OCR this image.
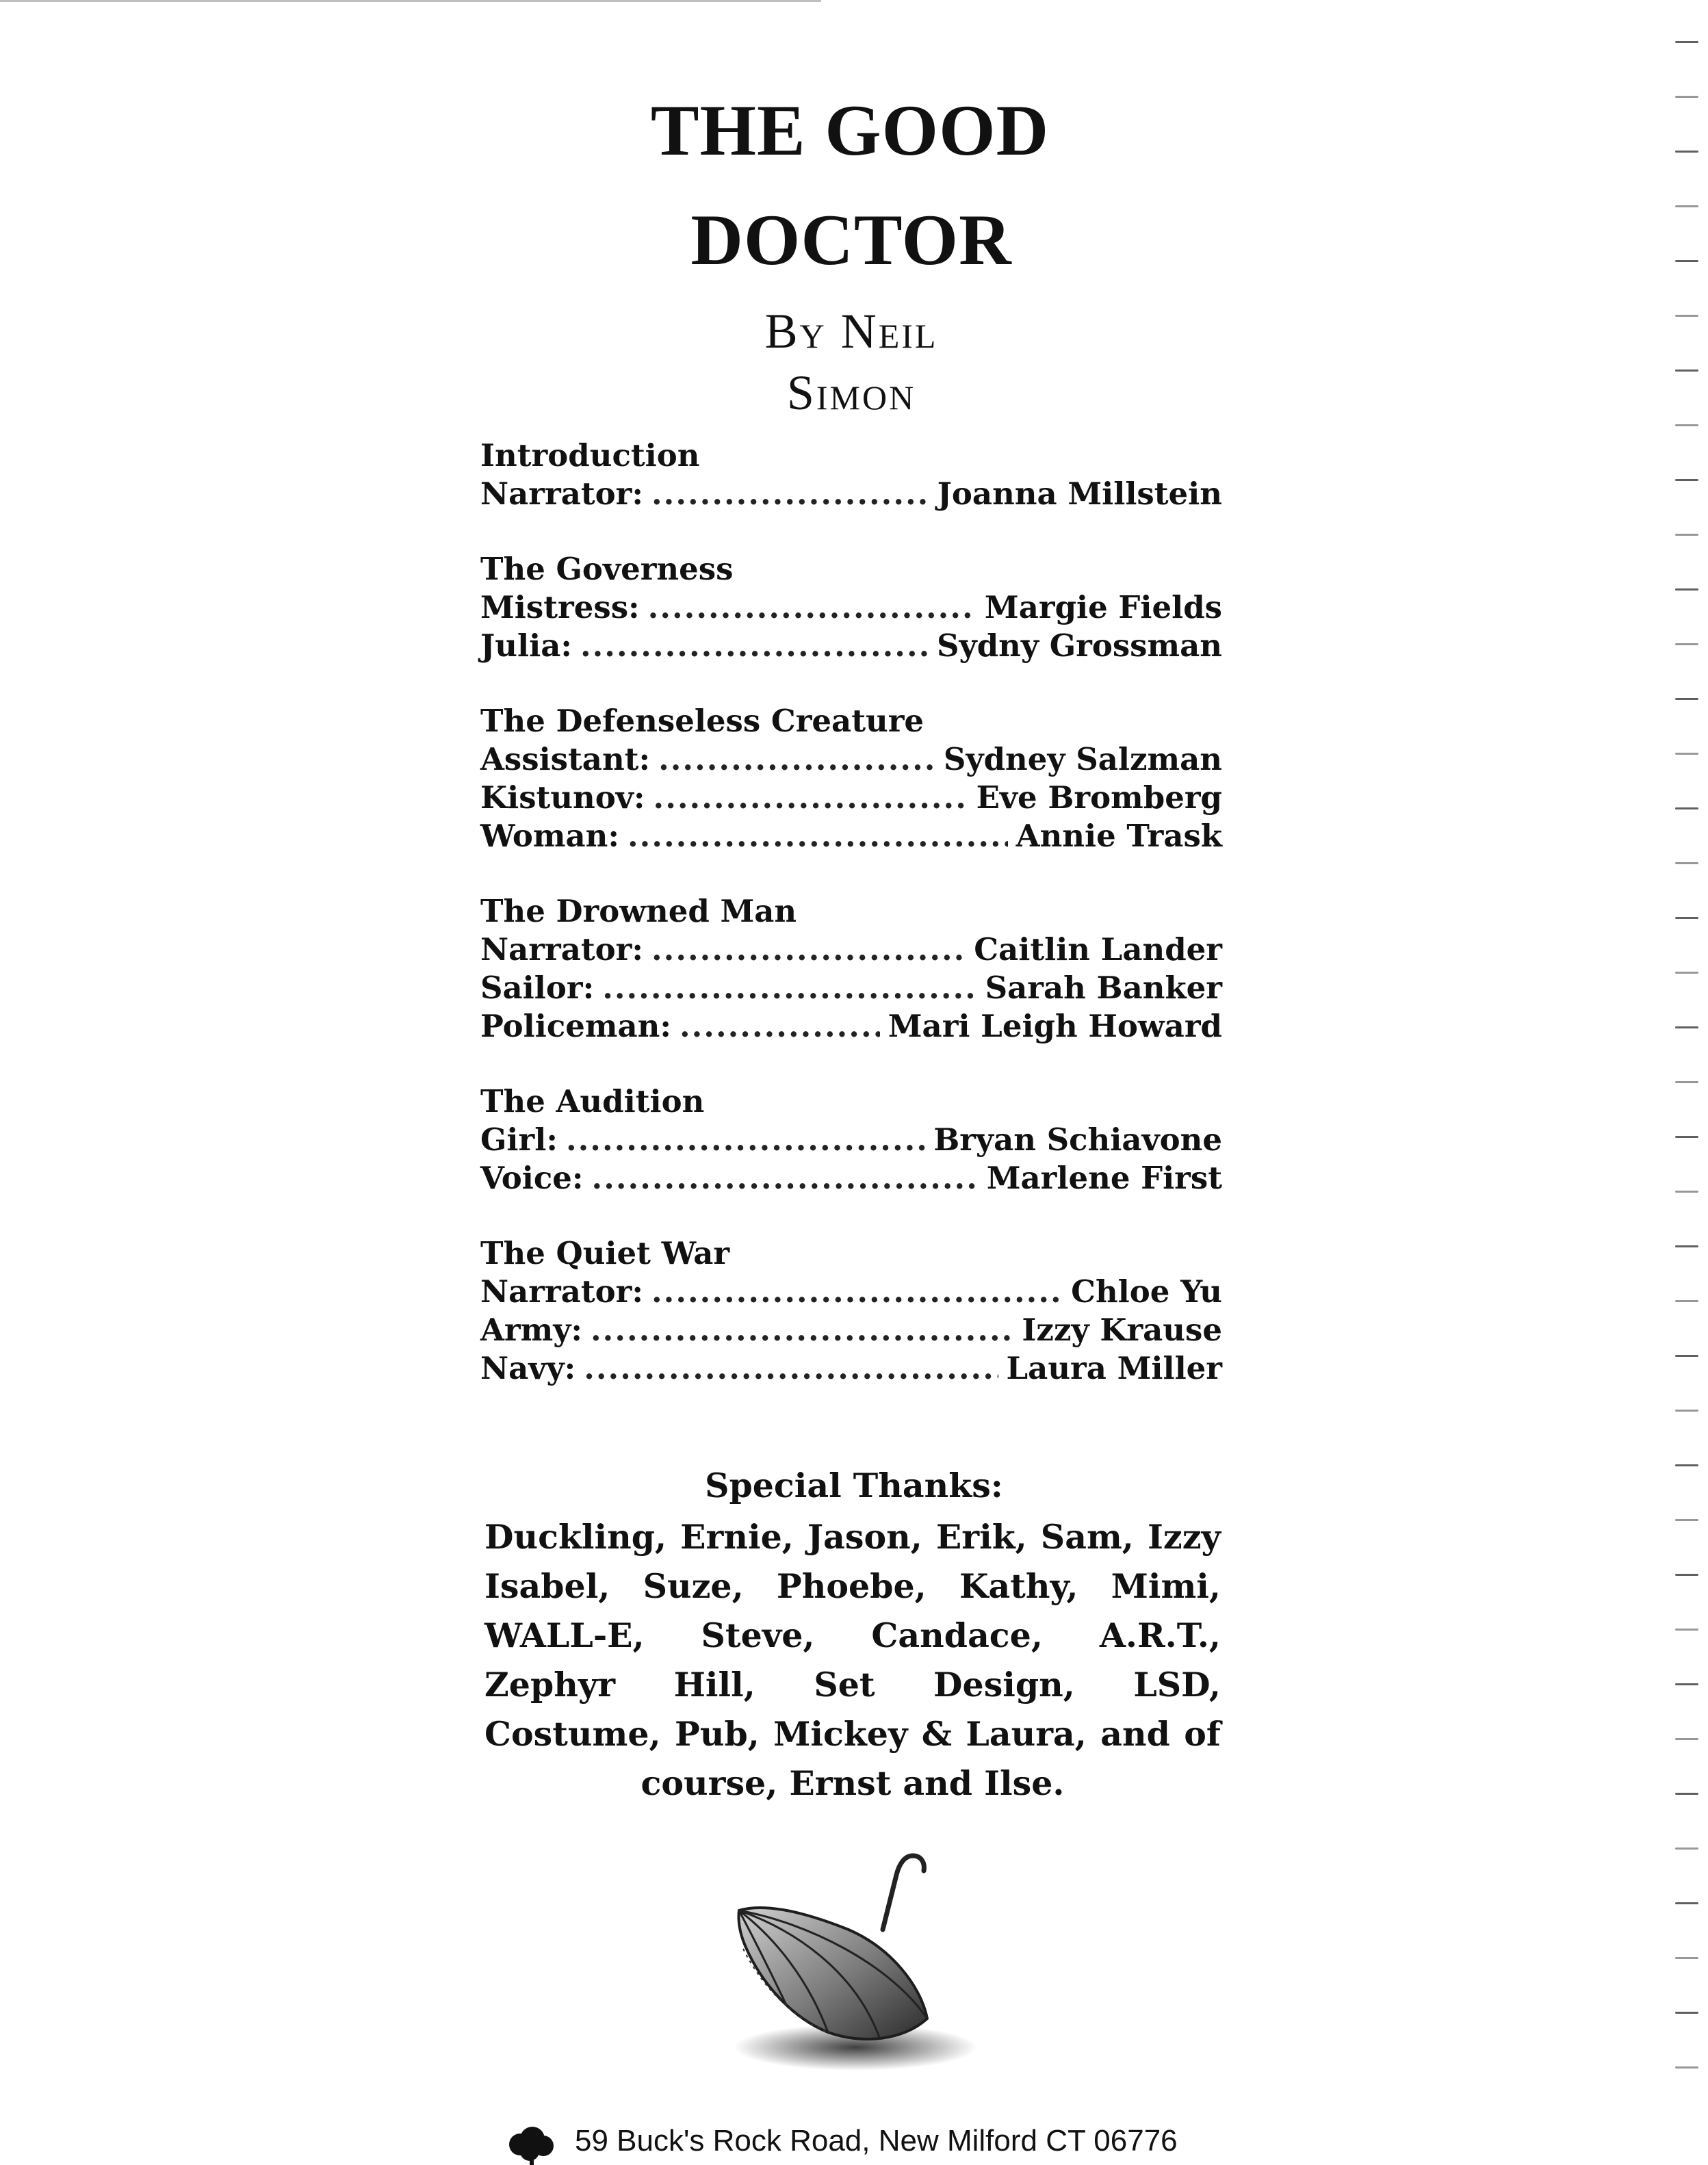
THE GOOD
DOCTOR
By Neil
Simon
Introduction
Narrator: .....	Joanna Millstein
The Governess
Mistress: .....	Margie Fields
Julia: .....	Sydny Grossman
The Defenseless Creature
Assistant: .....	Sydney Salzman
Kistunov: .....	Eve Bromberg
Woman: .....	Annie Trask
The Drowned Man
Narrator: .....	Caitlin Lander
Sailor: .....	Sarah Banker
Policeman: .....	Mari Leigh Howard
The Audition
Girl: .....	Bryan Schiavone
Voice: .....	Marlene First
The Quiet War
Narrator: .....	Chloe Yu
Army: .....	Izzy Krause
Navy: .....	Laura Miller
Special Thanks:
Duckling, Ernie, Jason, Erik, Sam, Izzy Isabel, Suze, Phoebe, Kathy, Mimi, WALL-E, Steve, Candace, A.R.T., Zephyr Hill, Set Design, LSD, Costume, Pub, Mickey & Laura, and of course, Ernst and Ilse.
59 Buck's Rock Road, New Milford CT 06776
